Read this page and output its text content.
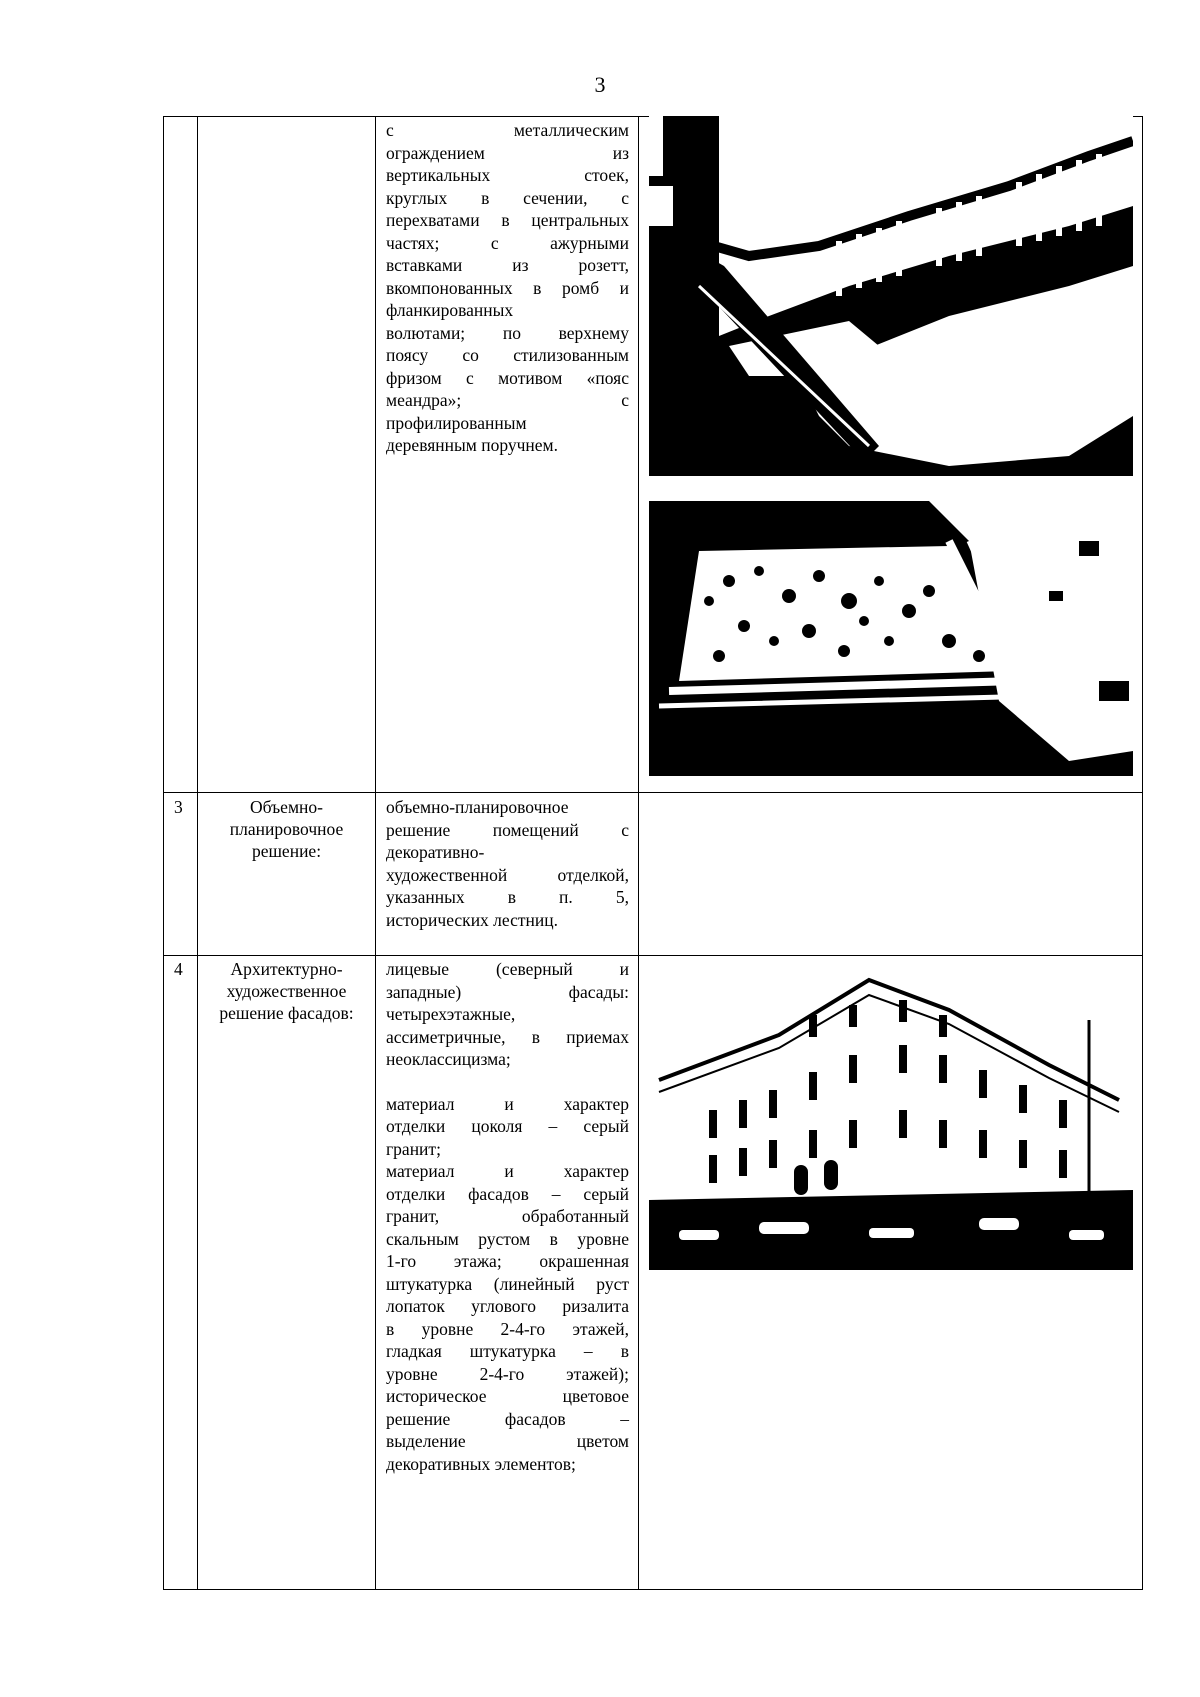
3

с металлическим

ограждением из

вертикальных стоек,

круглых в сечении, с

перехватами в центральных

частях; с ажурными

вставками из розетт,

вкомпонованных в ромб и

фланкированных

волютами; по верхнему

поясу со стилизованным

фризом с мотивом «пояс

меандра»; с

профилированным

деревянным поручнем.

3	Объемно-
планировочное
решение:

объемно-планировочное

решение помещений с

декоративно-

художественной отделкой,

указанных в п. 5,

исторических лестниц.

4	Архитектурно-
художественное
решение фасадов:

лицевые (северный и

западные) фасады:

четырехэтажные,

ассиметричные, в приемах

неоклассицизма;

материал и характер

отделки цоколя – серый

гранит;

материал и характер

отделки фасадов – серый

гранит, обработанный

скальным рустом в уровне

1-го этажа; окрашенная

штукатурка (линейный руст

лопаток углового ризалита

в уровне 2-4-го этажей,

гладкая штукатурка – в

уровне 2-4-го этажей);

историческое цветовое

решение фасадов –

выделение цветом

декоративных элементов;
